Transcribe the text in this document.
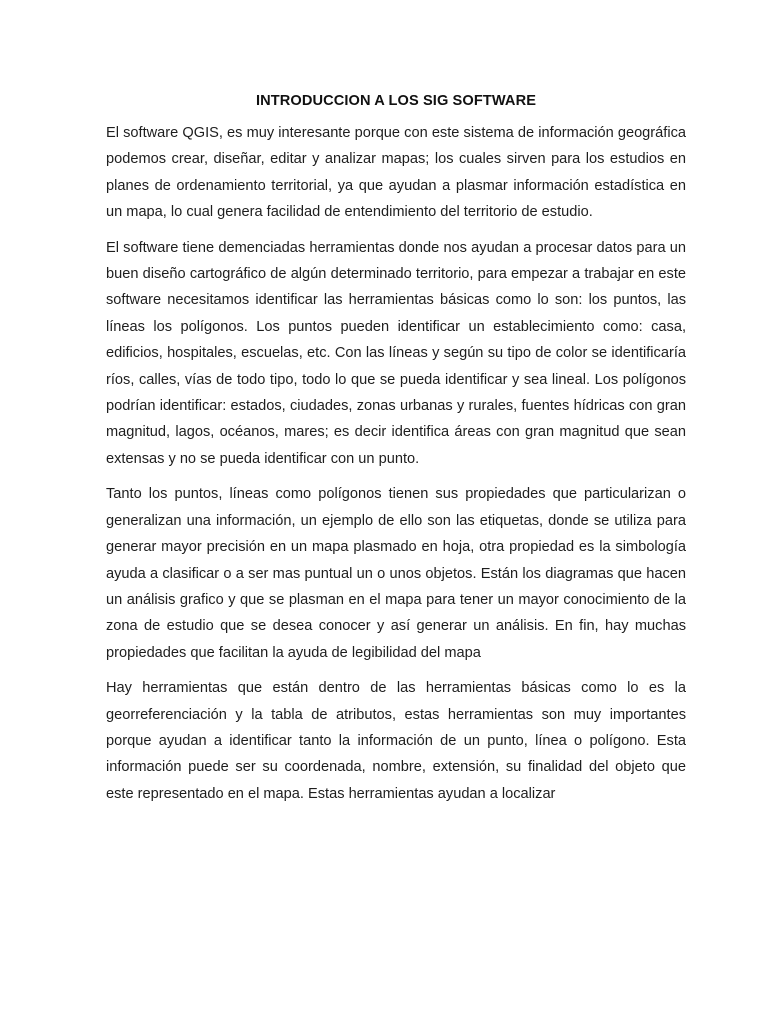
INTRODUCCION A LOS SIG SOFTWARE

El software QGIS, es muy interesante porque con este sistema de información geográfica podemos crear, diseñar, editar y analizar mapas; los cuales sirven para los estudios en planes de ordenamiento territorial, ya que ayudan a plasmar información estadística en un mapa, lo cual genera facilidad de entendimiento del territorio de estudio.

El software tiene demenciadas herramientas donde nos ayudan a procesar datos para un buen diseño cartográfico de algún determinado territorio, para empezar a trabajar en este software necesitamos identificar las herramientas básicas como lo son: los puntos, las líneas los polígonos. Los puntos pueden identificar un establecimiento como: casa, edificios, hospitales, escuelas, etc. Con las líneas y según su tipo de color se identificaría ríos, calles, vías de todo tipo, todo lo que se pueda identificar y sea lineal. Los polígonos podrían identificar: estados, ciudades, zonas urbanas y rurales, fuentes hídricas con gran magnitud, lagos, océanos, mares; es decir identifica áreas con gran magnitud que sean extensas y no se pueda identificar con un punto.

Tanto los puntos, líneas como polígonos tienen sus propiedades que particularizan o generalizan una información, un ejemplo de ello son las etiquetas, donde se utiliza para generar mayor precisión en un mapa plasmado en hoja, otra propiedad es la simbología ayuda a clasificar o a ser mas puntual un o unos objetos. Están los diagramas que hacen un análisis grafico y que se plasman en el mapa para tener un mayor conocimiento de la zona de estudio que se desea conocer y así generar un análisis. En fin, hay muchas propiedades que facilitan la ayuda de legibilidad del mapa

Hay herramientas que están dentro de las herramientas básicas como lo es la georreferenciación y la tabla de atributos, estas herramientas son muy importantes porque ayudan a identificar tanto la información de un punto, línea o polígono. Esta información puede ser su coordenada, nombre, extensión, su finalidad del objeto que este representado en el mapa. Estas herramientas ayudan a localizar
